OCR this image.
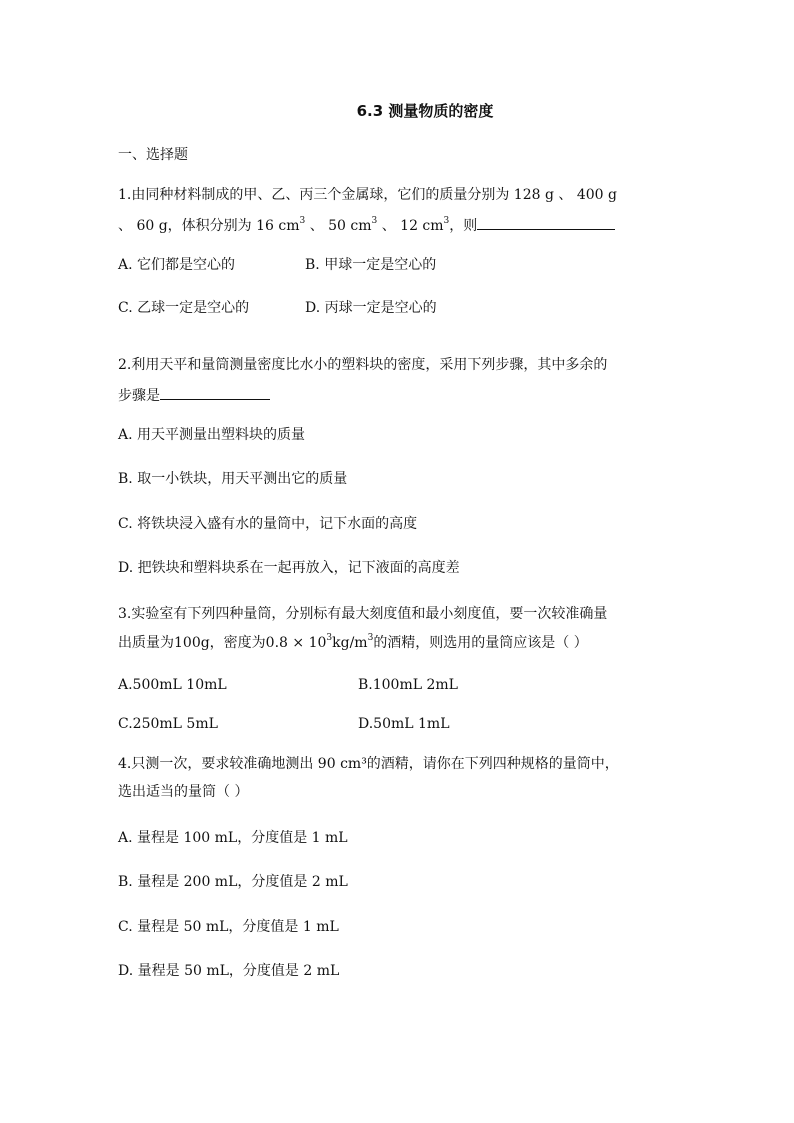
6.3 测量物质的密度
一、选择题
1.由同种材料制成的甲、乙、丙三个金属球，它们的质量分别为 128 g 、 400 g
、 60 g，体积分别为 16 $cm^3$ 、 50 $cm^3$ 、 12 $cm^3$，则
A. 它们都是空心的	B. 甲球一定是空心的
C. 乙球一定是空心的	D. 丙球一定是空心的
2.利用天平和量筒测量密度比水小的塑料块的密度，采用下列步骤，其中多余的
步骤是
A. 用天平测量出塑料块的质量
B. 取一小铁块，用天平测出它的质量
C. 将铁块浸入盛有水的量筒中，记下水面的高度
D. 把铁块和塑料块系在一起再放入，记下液面的高度差
3.实验室有下列四种量筒，分别标有最大刻度值和最小刻度值，要一次较准确量
出质量为100g，密度为$0.8 \times 10^3kg/m^3$的酒精，则选用的量筒应该是（ ）
A.500mL 10mL	B.100mL 2mL
C.250mL 5mL	D.50mL 1mL
4.只测一次，要求较准确地测出 90 cm³的酒精，请你在下列四种规格的量筒中，
选出适当的量筒（ ）
A. 量程是 100 mL，分度值是 1 mL
B. 量程是 200 mL，分度值是 2 mL
C. 量程是 50 mL，分度值是 1 mL
D. 量程是 50 mL，分度值是 2 mL
